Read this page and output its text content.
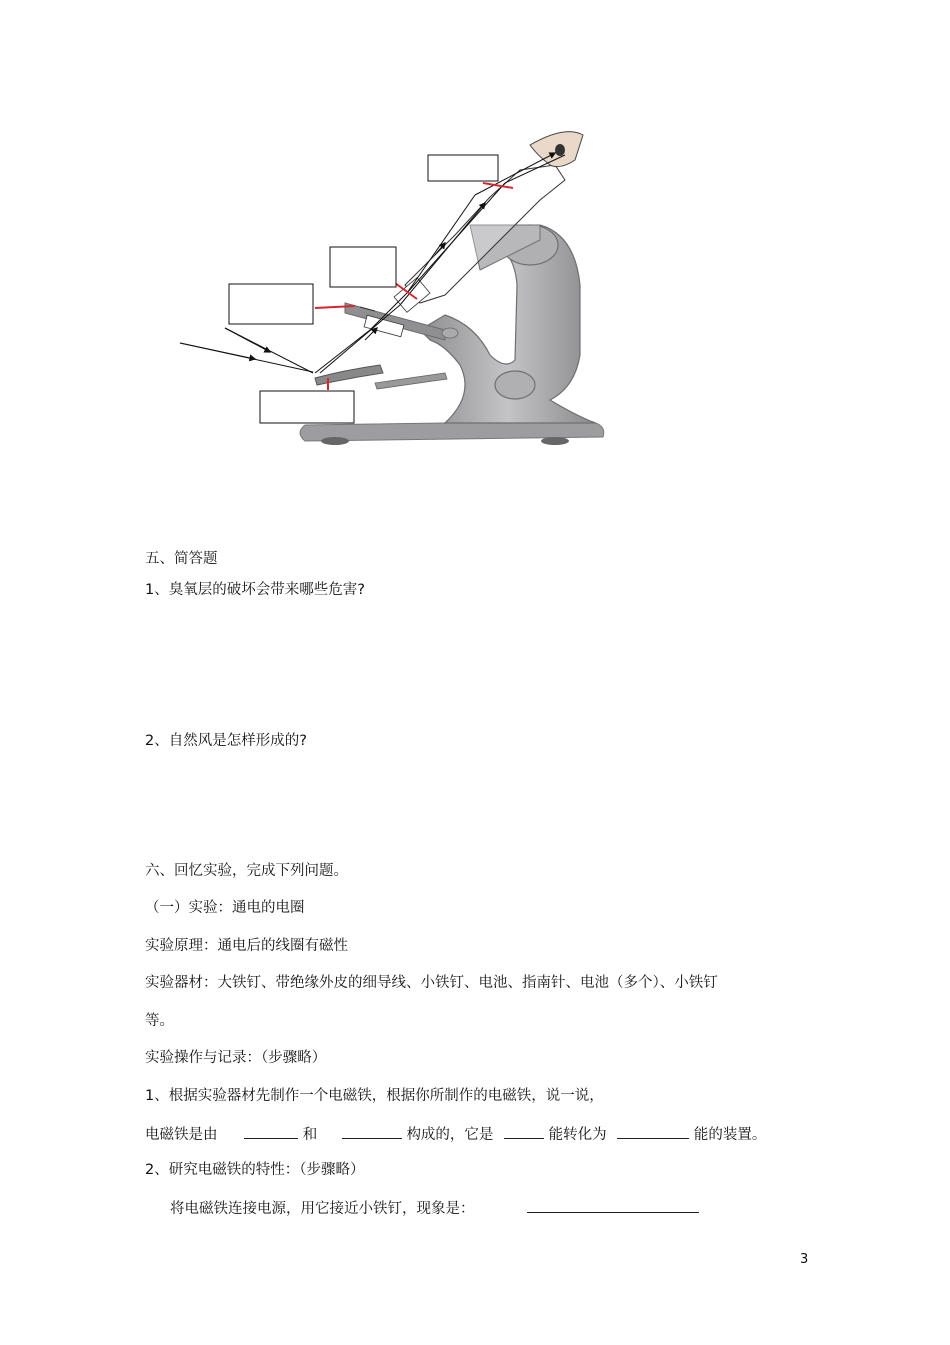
五、简答题
1、臭氧层的破坏会带来哪些危害?
2、自然风是怎样形成的?
六、回忆实验，完成下列问题。
（一）实验：通电的电圈
实验原理：通电后的线圈有磁性
实验器材：大铁钉、带绝缘外皮的细导线、小铁钉、电池、指南针、电池（多个）、小铁钉
等。
实验操作与记录：（步骤略）
1、根据实验器材先制作一个电磁铁，根据你所制作的电磁铁，说一说，
电磁铁是由	和	构成的，它是	能转化为	能的装置。
2、研究电磁铁的特性：（步骤略）
将电磁铁连接电源，用它接近小铁钉，现象是：
3
